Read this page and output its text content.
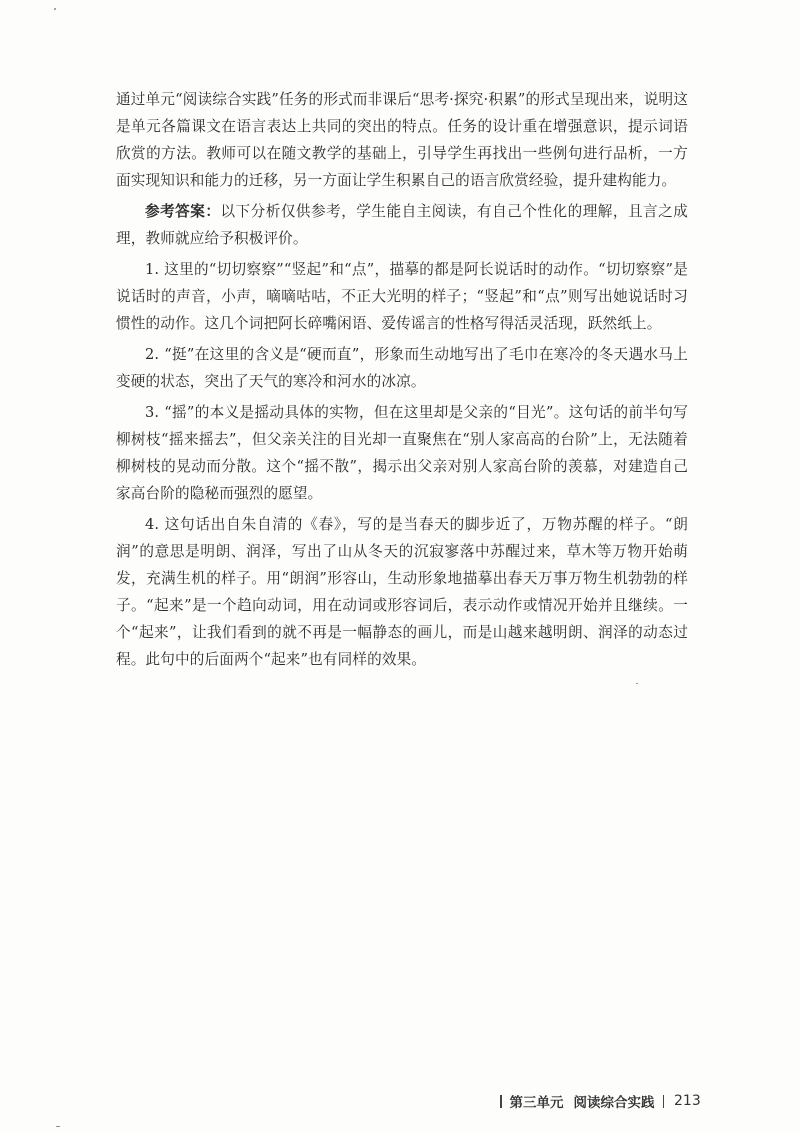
通过单元“阅读综合实践”任务的形式而非课后“思考·探究·积累”的形式呈现出来，说明这是单元各篇课文在语言表达上共同的突出的特点。任务的设计重在增强意识，提示词语欣赏的方法。教师可以在随文教学的基础上，引导学生再找出一些例句进行品析，一方面实现知识和能力的迁移，另一方面让学生积累自己的语言欣赏经验，提升建构能力。

参考答案：以下分析仅供参考，学生能自主阅读，有自己个性化的理解，且言之成理，教师就应给予积极评价。

1. 这里的“切切察察”“竖起”和“点”，描摹的都是阿长说话时的动作。“切切察察”是说话时的声音，小声，嘀嘀咕咕，不正大光明的样子；“竖起”和“点”则写出她说话时习惯性的动作。这几个词把阿长碎嘴闲语、爱传谣言的性格写得活灵活现，跃然纸上。

2. “挺”在这里的含义是“硬而直”，形象而生动地写出了毛巾在寒冷的冬天遇水马上变硬的状态，突出了天气的寒冷和河水的冰凉。

3. “摇”的本义是摇动具体的实物，但在这里却是父亲的“目光”。这句话的前半句写柳树枝“摇来摇去”，但父亲关注的目光却一直聚焦在“别人家高高的台阶”上，无法随着柳树枝的晃动而分散。这个“摇不散”，揭示出父亲对别人家高台阶的羡慕，对建造自己家高台阶的隐秘而强烈的愿望。

4. 这句话出自朱自清的《春》，写的是当春天的脚步近了，万物苏醒的样子。“朗润”的意思是明朗、润泽，写出了山从冬天的沉寂寥落中苏醒过来，草木等万物开始萌发，充满生机的样子。用“朗润”形容山，生动形象地描摹出春天万事万物生机勃勃的样子。“起来”是一个趋向动词，用在动词或形容词后，表示动作或情况开始并且继续。一个“起来”，让我们看到的就不再是一幅静态的画儿，而是山越来越明朗、润泽的动态过程。此句中的后面两个“起来”也有同样的效果。

第三单元 阅读综合实践 213
